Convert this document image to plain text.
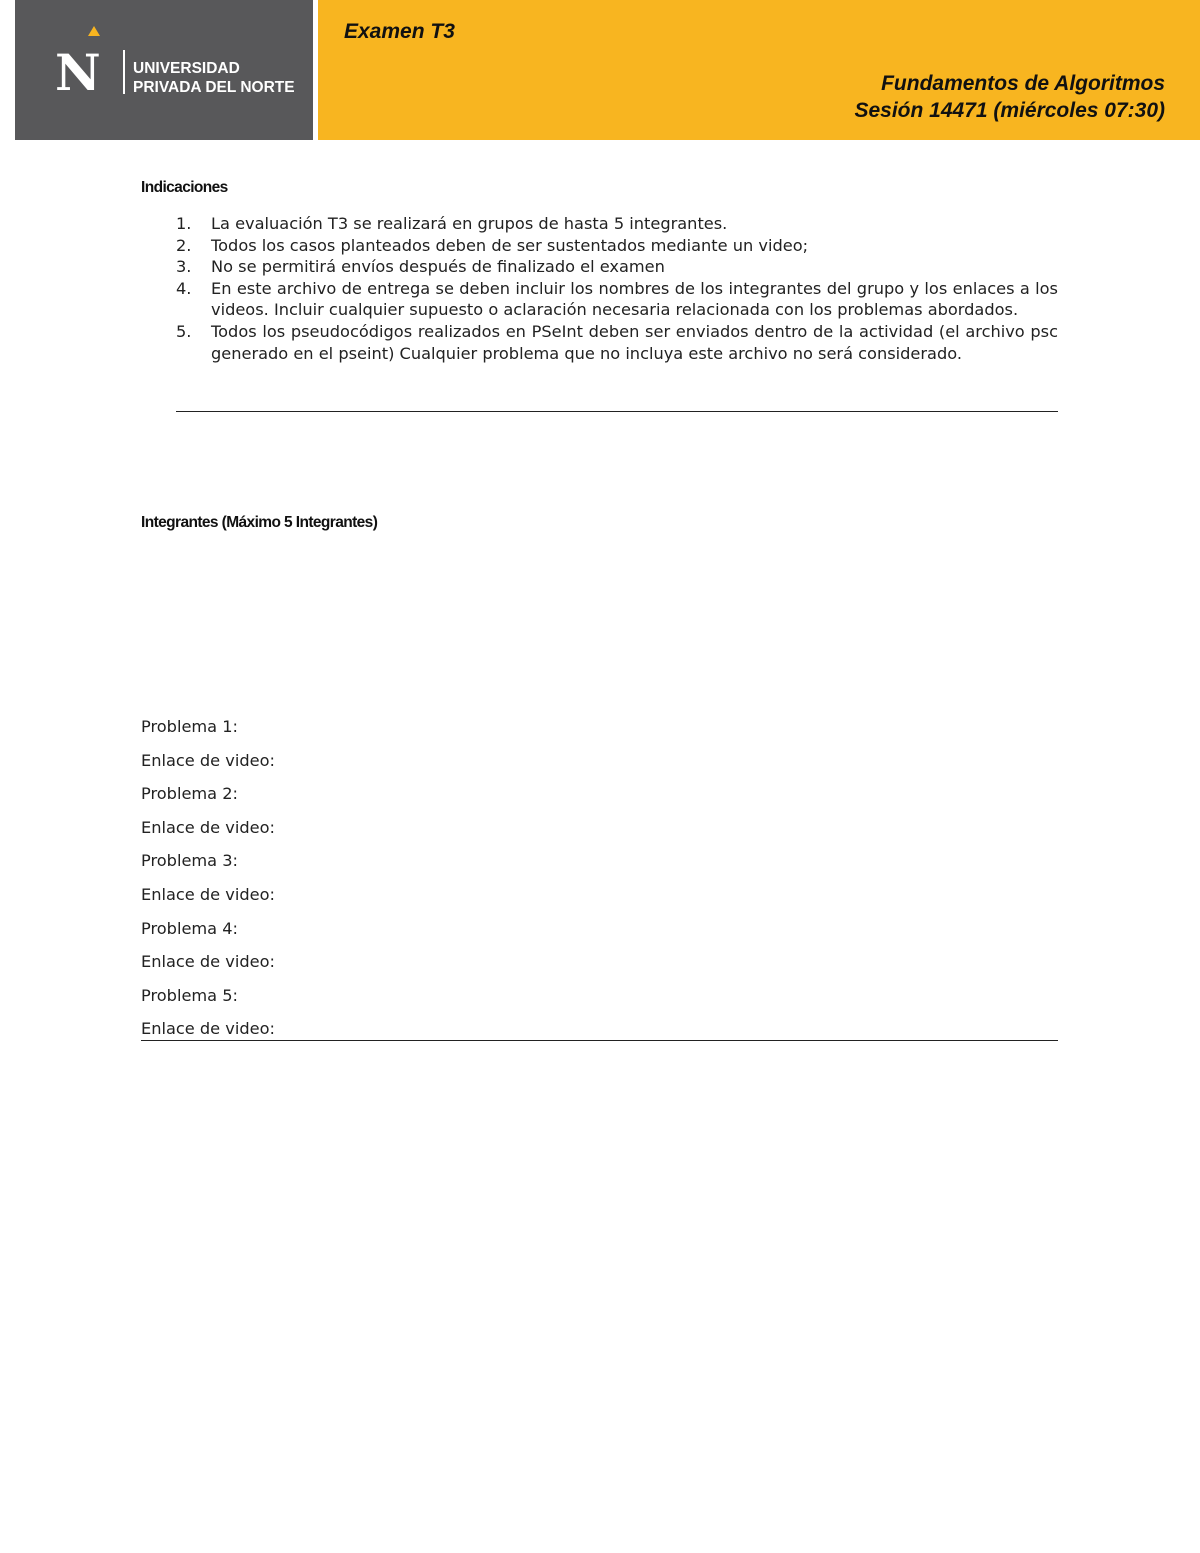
N UNIVERSIDAD
PRIVADA DEL NORTE
Examen T3
Fundamentos de Algoritmos
Sesión 14471 (miércoles 07:30)
Indicaciones
1. La evaluación T3 se realizará en grupos de hasta 5 integrantes.
2. Todos los casos planteados deben de ser sustentados mediante un video;
3. No se permitirá envíos después de finalizado el examen
4. En este archivo de entrega se deben incluir los nombres de los integrantes del grupo y los enlaces a los videos. Incluir cualquier supuesto o aclaración necesaria relacionada con los problemas abordados.
5. Todos los pseudocódigos realizados en PSeInt deben ser enviados dentro de la actividad (el archivo psc generado en el pseint) Cualquier problema que no incluya este archivo no será considerado.
Integrantes (Máximo 5 Integrantes)
Problema 1:
Enlace de video:
Problema 2:
Enlace de video:
Problema 3:
Enlace de video:
Problema 4:
Enlace de video:
Problema 5:
Enlace de video:
